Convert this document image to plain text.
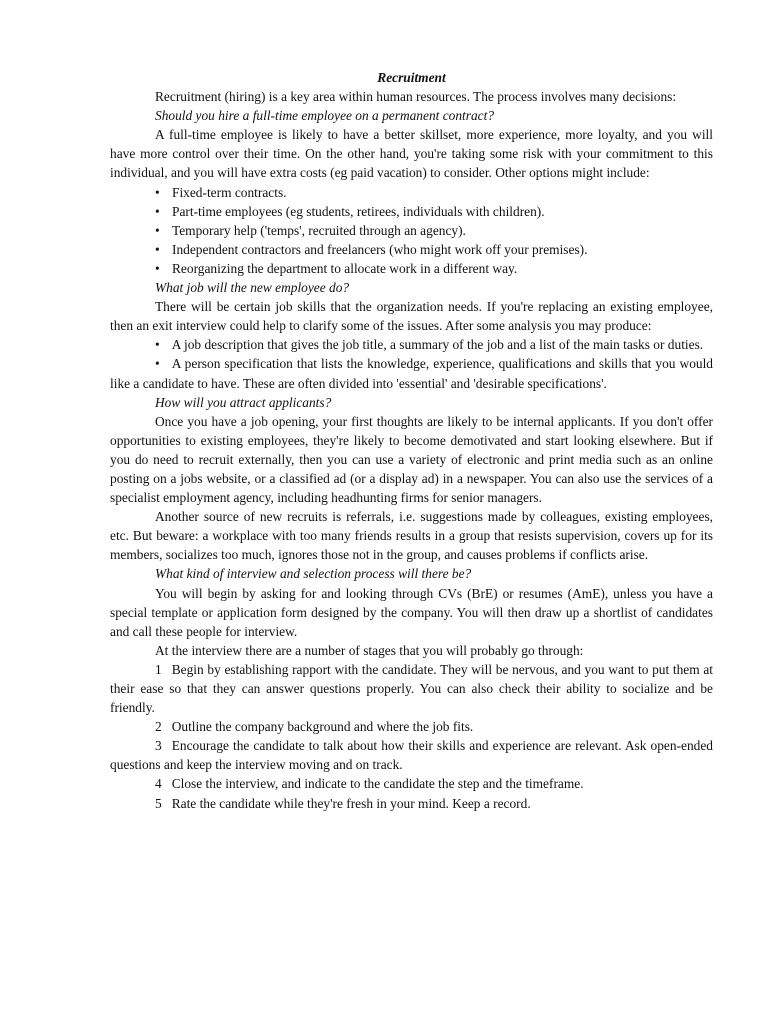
Recruitment

Recruitment (hiring) is a key area within human resources. The process involves many decisions:

Should you hire a full-time employee on a permanent contract?

A full-time employee is likely to have a better skillset, more experience, more loyalty, and you will have more control over their time. On the other hand, you're taking some risk with your commitment to this individual, and you will have extra costs (eg paid vacation) to consider. Other options might include:

• Fixed-term contracts.
• Part-time employees (eg students, retirees, individuals with children).
• Temporary help ('temps', recruited through an agency).
• Independent contractors and freelancers (who might work off your premises).
• Reorganizing the department to allocate work in a different way.

What job will the new employee do?

There will be certain job skills that the organization needs. If you're replacing an existing employee, then an exit interview could help to clarify some of the issues. After some analysis you may produce:

• A job description that gives the job title, a summary of the job and a list of the main tasks or duties.

• A person specification that lists the knowledge, experience, qualifications and skills that you would like a candidate to have. These are often divided into 'essential' and 'desirable specifications'.

How will you attract applicants?

Once you have a job opening, your first thoughts are likely to be internal applicants. If you don't offer opportunities to existing employees, they're likely to become demotivated and start looking elsewhere. But if you do need to recruit externally, then you can use a variety of electronic and print media such as an online posting on a jobs website, or a classified ad (or a display ad) in a newspaper. You can also use the services of a specialist employment agency, including headhunting firms for senior managers.

Another source of new recruits is referrals, i.e. suggestions made by colleagues, existing employees, etc. But beware: a workplace with too many friends results in a group that resists supervision, covers up for its members, socializes too much, ignores those not in the group, and causes problems if conflicts arise.

What kind of interview and selection process will there be?

You will begin by asking for and looking through CVs (BrE) or resumes (AmE), unless you have a special template or application form designed by the company. You will then draw up a shortlist of candidates and call these people for interview.

At the interview there are a number of stages that you will probably go through:

1 Begin by establishing rapport with the candidate. They will be nervous, and you want to put them at their ease so that they can answer questions properly. You can also check their ability to socialize and be friendly.

2 Outline the company background and where the job fits.

3 Encourage the candidate to talk about how their skills and experience are relevant. Ask open-ended questions and keep the interview moving and on track.

4 Close the interview, and indicate to the candidate the step and the timeframe.

5 Rate the candidate while they're fresh in your mind. Keep a record.
